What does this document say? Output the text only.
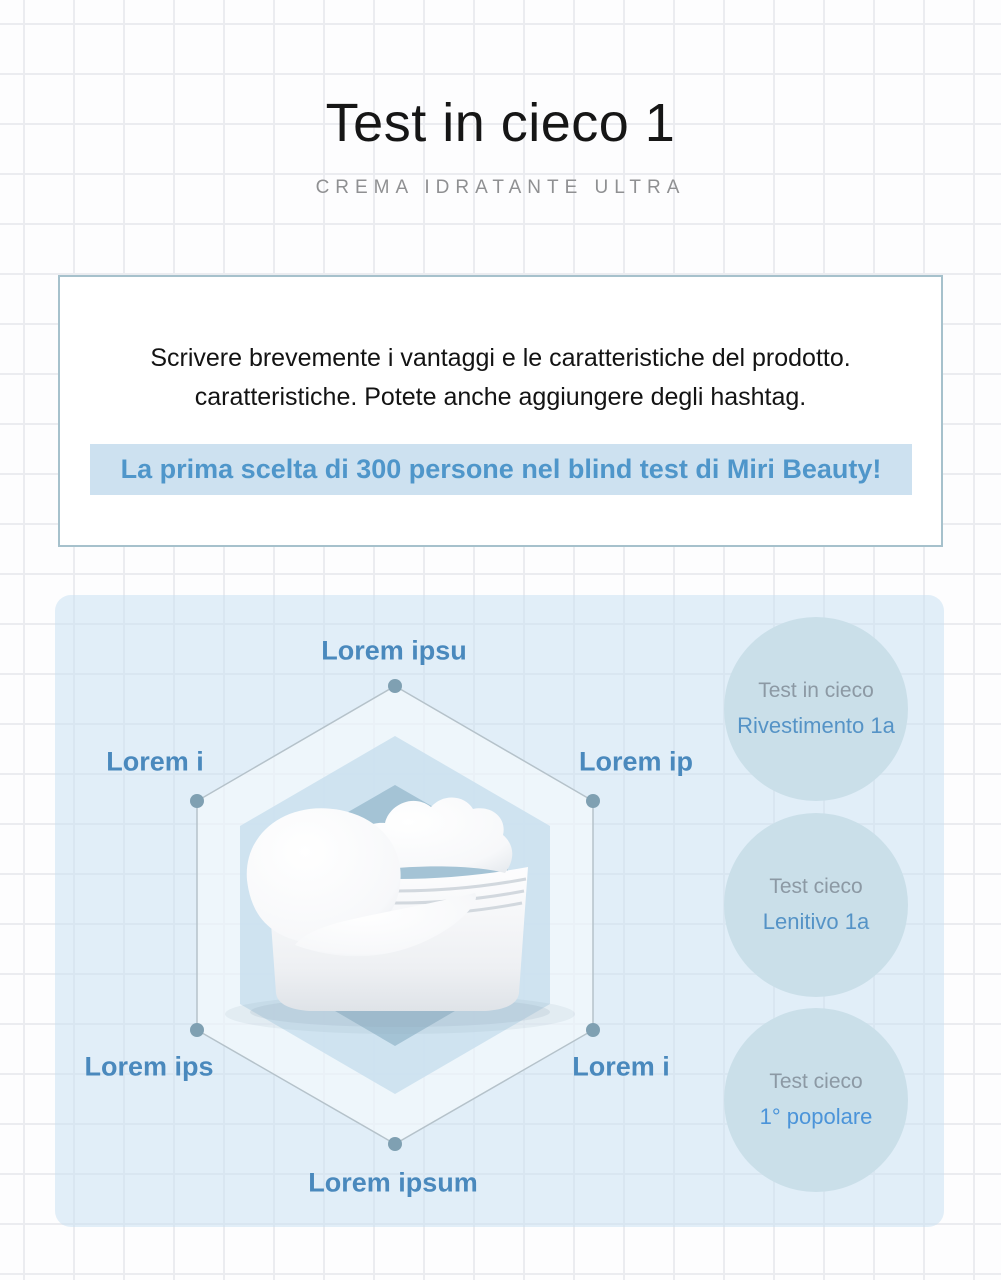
Test in cieco 1
CREMA IDRATANTE ULTRA
Scrivere brevemente i vantaggi e le caratteristiche del prodotto.
caratteristiche. Potete anche aggiungere degli hashtag.
La prima scelta di 300 persone nel blind test di Miri Beauty!
Lorem ipsu
Lorem ip
Lorem i
Lorem ipsum
Lorem ips
Lorem i
Test in cieco
Rivestimento 1a
Test cieco
Lenitivo 1a
Test cieco
1° popolare
